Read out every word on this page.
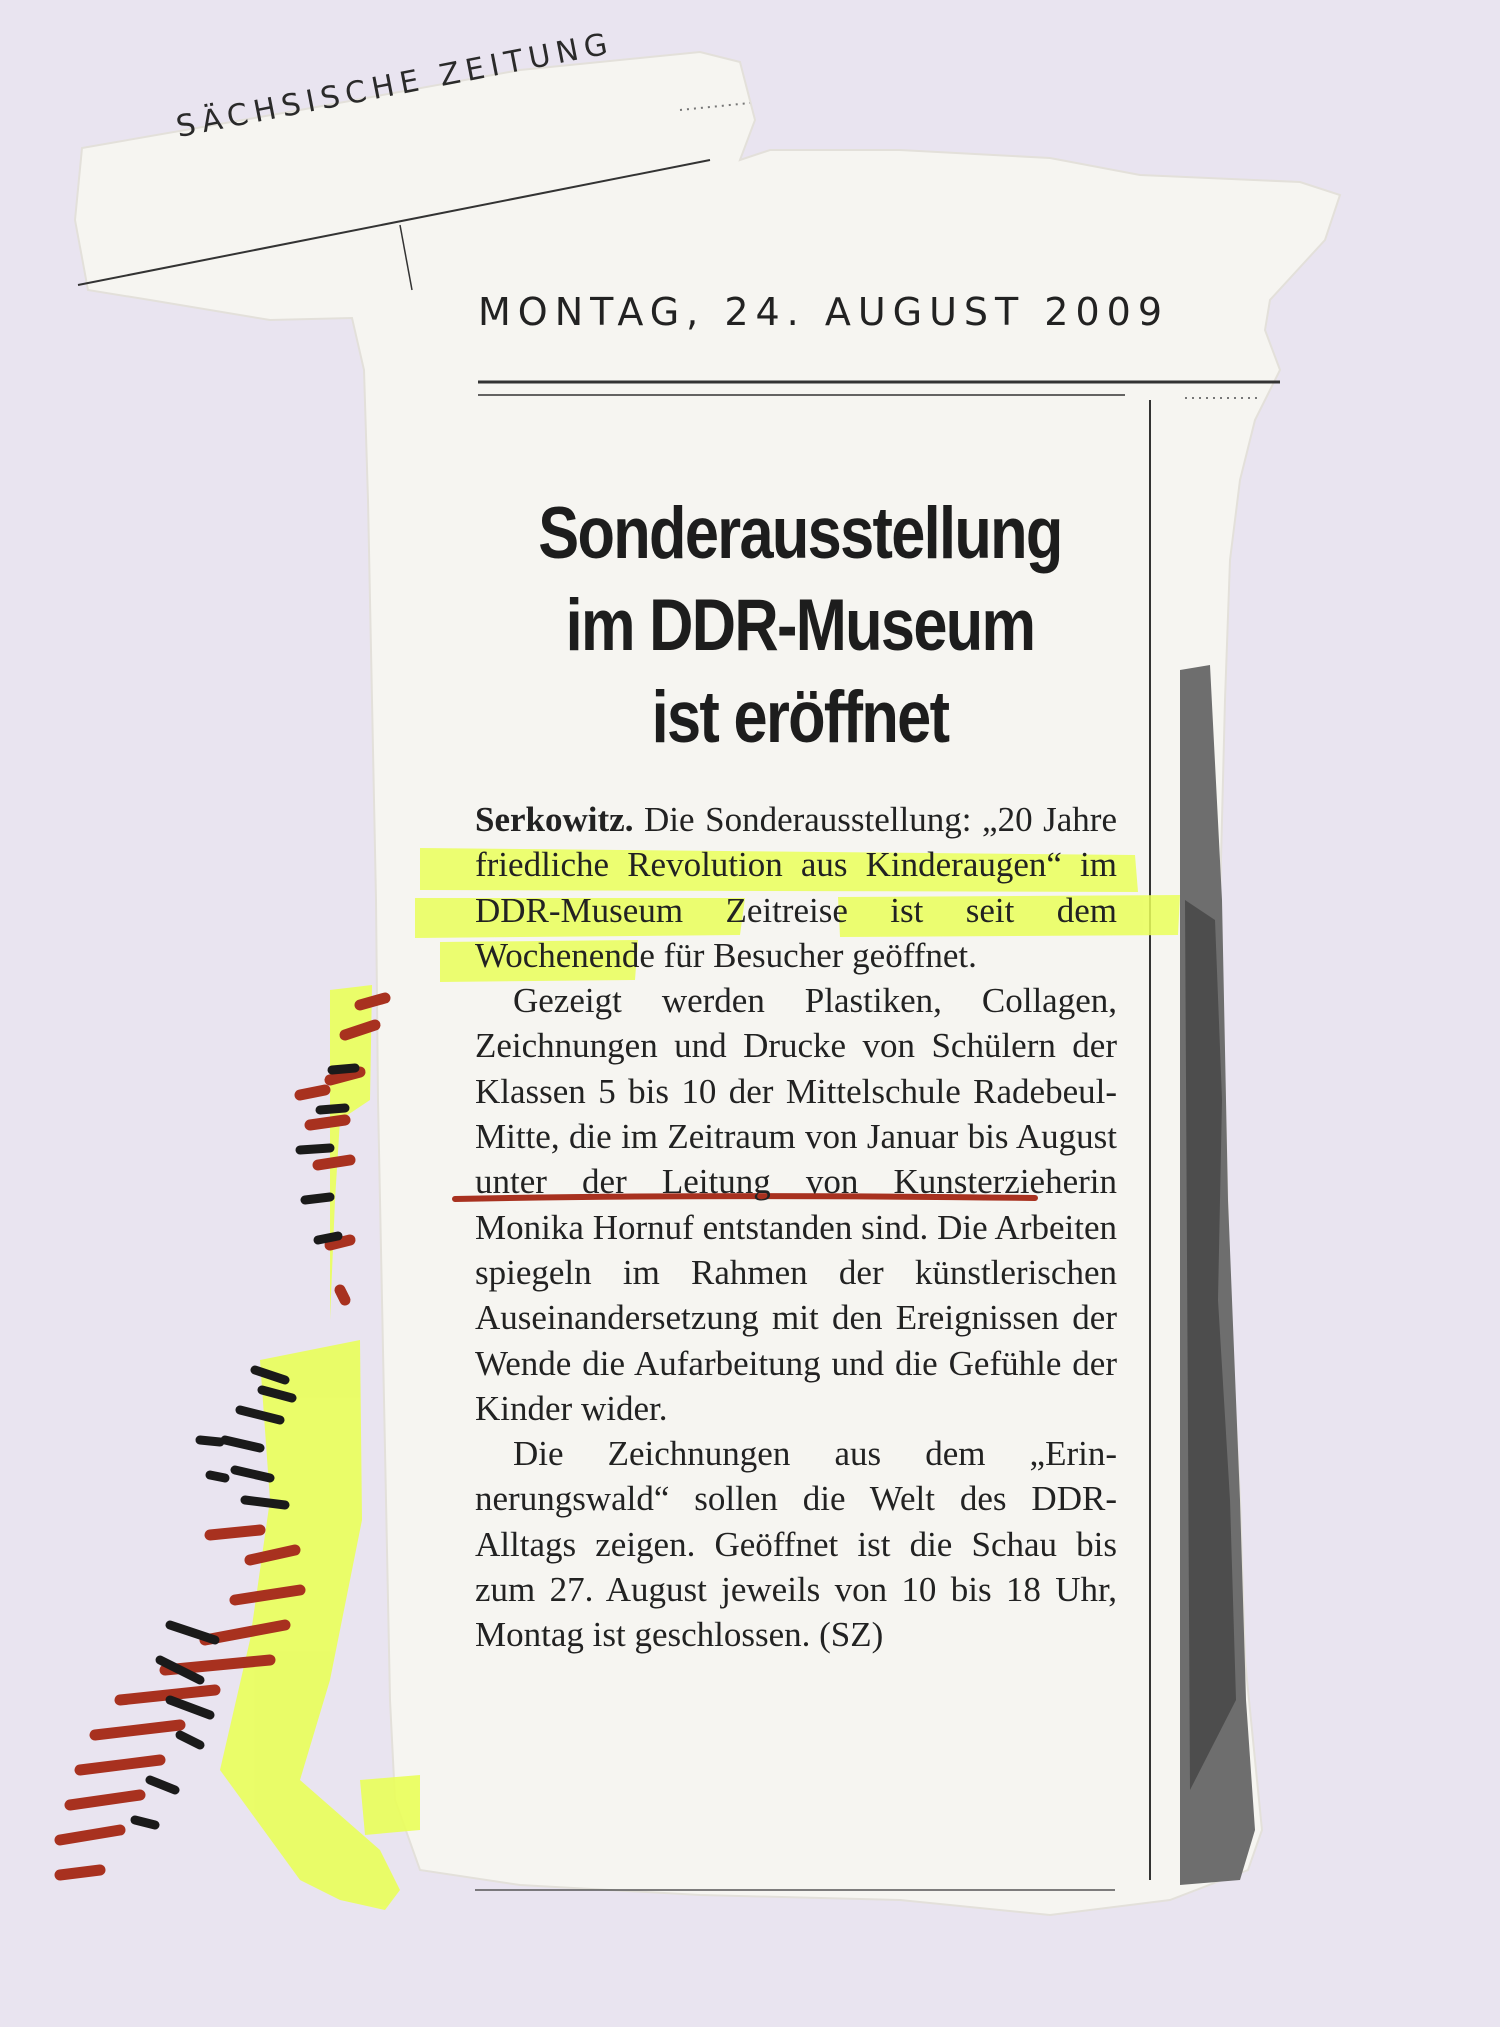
SÄCHSISCHE ZEITUNG
MONTAG, 24. AUGUST 2009
Sonderausstellung
im DDR-Museum
ist eröffnet

Serkowitz. Die Sonderausstellung: „20 Jahre friedliche Revolution aus Kinderaugen“ im DDR-Museum Zeitreise ist seit dem Wochenende für Besucher geöffnet.

Gezeigt werden Plastiken, Collagen, Zeichnungen und Drucke von Schülern der Klassen 5 bis 10 der Mittelschule Radebeul-Mitte, die im Zeitraum von Januar bis August unter der Leitung von Kunsterzieherin Monika Hornuf entstanden sind. Die Arbeiten spiegeln im Rahmen der künstlerischen Auseinandersetzung mit den Ereignissen der Wende die Aufarbeitung und die Gefühle der Kinder wider.

Die Zeichnungen aus dem „Erinnerungswald“ sollen die Welt des DDR-Alltags zeigen. Geöffnet ist die Schau bis zum 27. August jeweils von 10 bis 18 Uhr, Montag ist geschlossen. (SZ)
